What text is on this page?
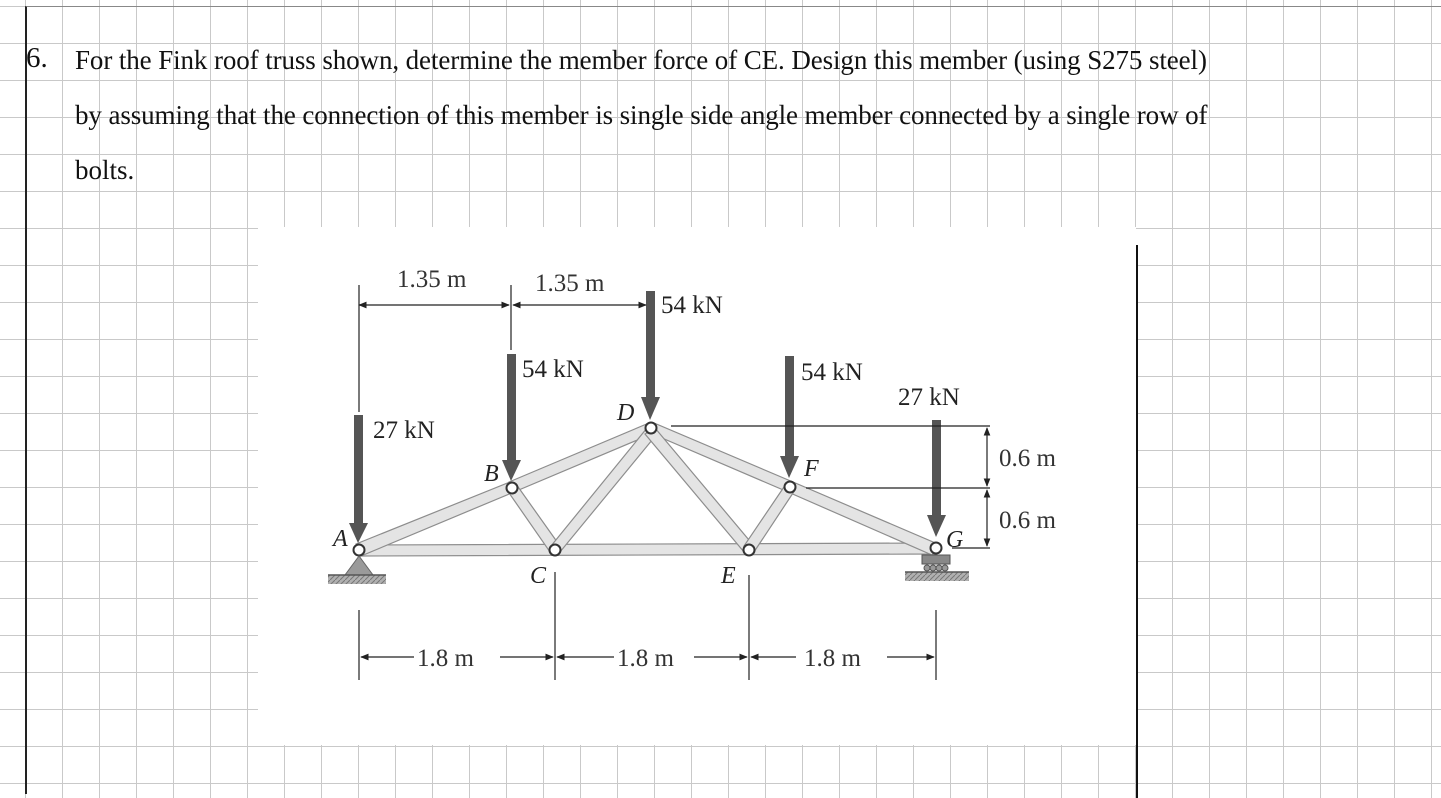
6. For the Fink roof truss shown, determine the member force of CE. Design this member (using S275 steel)
by assuming that the connection of this member is single side angle member connected by a single row of
bolts.
27 kN
54 kN
54 kN
54 kN
27 kN
A
B
C
D
E
F
G
1.35 m	1.35 m
1.8 m	1.8 m	1.8 m
0.6 m
0.6 m
